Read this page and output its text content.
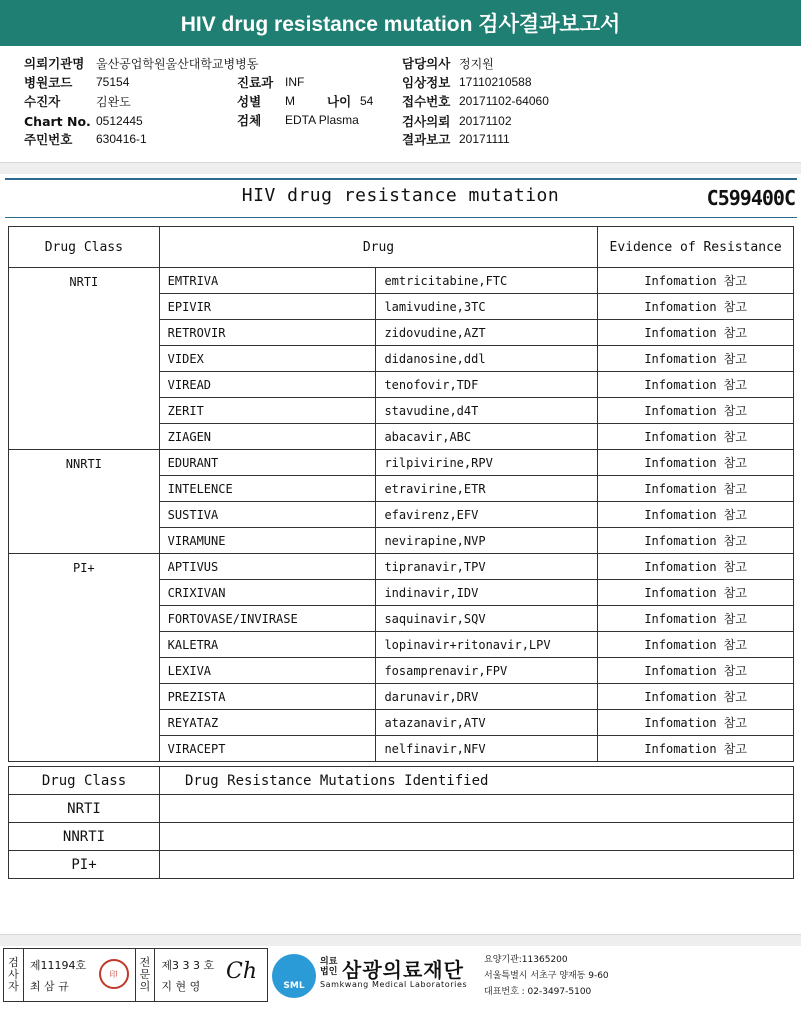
HIV drug resistance mutation 검사결과보고서
의뢰기관명 울산공업학원울산대학교병병동
병원코드	75154
수진자	김완도
Chart No. 0512445
주민번호	630416-1
진료과 INF
성별	M	나이 54
검체	EDTA Plasma
담당의사 정지원
임상정보 17110210588
접수번호 20171102-64060
검사의뢰 20171102
결과보고 20171111
HIV drug resistance mutation	C599400C
Drug Class	Drug		Evidence of Resistance
NRTI	EMTRIVA	emtricitabine,FTC	Infomation 참고
	EPIVIR	lamivudine,3TC	Infomation 참고
	RETROVIR	zidovudine,AZT	Infomation 참고
	VIDEX	didanosine,ddl	Infomation 참고
	VIREAD	tenofovir,TDF	Infomation 참고
	ZERIT	stavudine,d4T	Infomation 참고
	ZIAGEN	abacavir,ABC	Infomation 참고
NNRTI	EDURANT	rilpivirine,RPV	Infomation 참고
	INTELENCE	etravirine,ETR	Infomation 참고
	SUSTIVA	efavirenz,EFV	Infomation 참고
	VIRAMUNE	nevirapine,NVP	Infomation 참고
PI+	APTIVUS	tipranavir,TPV	Infomation 참고
	CRIXIVAN	indinavir,IDV	Infomation 참고
	FORTOVASE/INVIRASE	saquinavir,SQV	Infomation 참고
	KALETRA	lopinavir+ritonavir,LPV	Infomation 참고
	LEXIVA	fosamprenavir,FPV	Infomation 참고
	PREZISTA	darunavir,DRV	Infomation 참고
	REYATAZ	atazanavir,ATV	Infomation 참고
	VIRACEPT	nelfinavir,NFV	Infomation 참고
Drug Class	Drug Resistance Mutations Identified
NRTI	
NNRTI	
PI+	
검
사
자
제11194호
최 삼 규
印
전
문
의
제3 3 3 호
지 현 영
Ch
SML
의료
법인 삼광의료재단
Samkwang Medical Laboratories
요양기관:11365200
서울특별시 서초구 양재동 9-60
대표번호 : 02-3497-5100
